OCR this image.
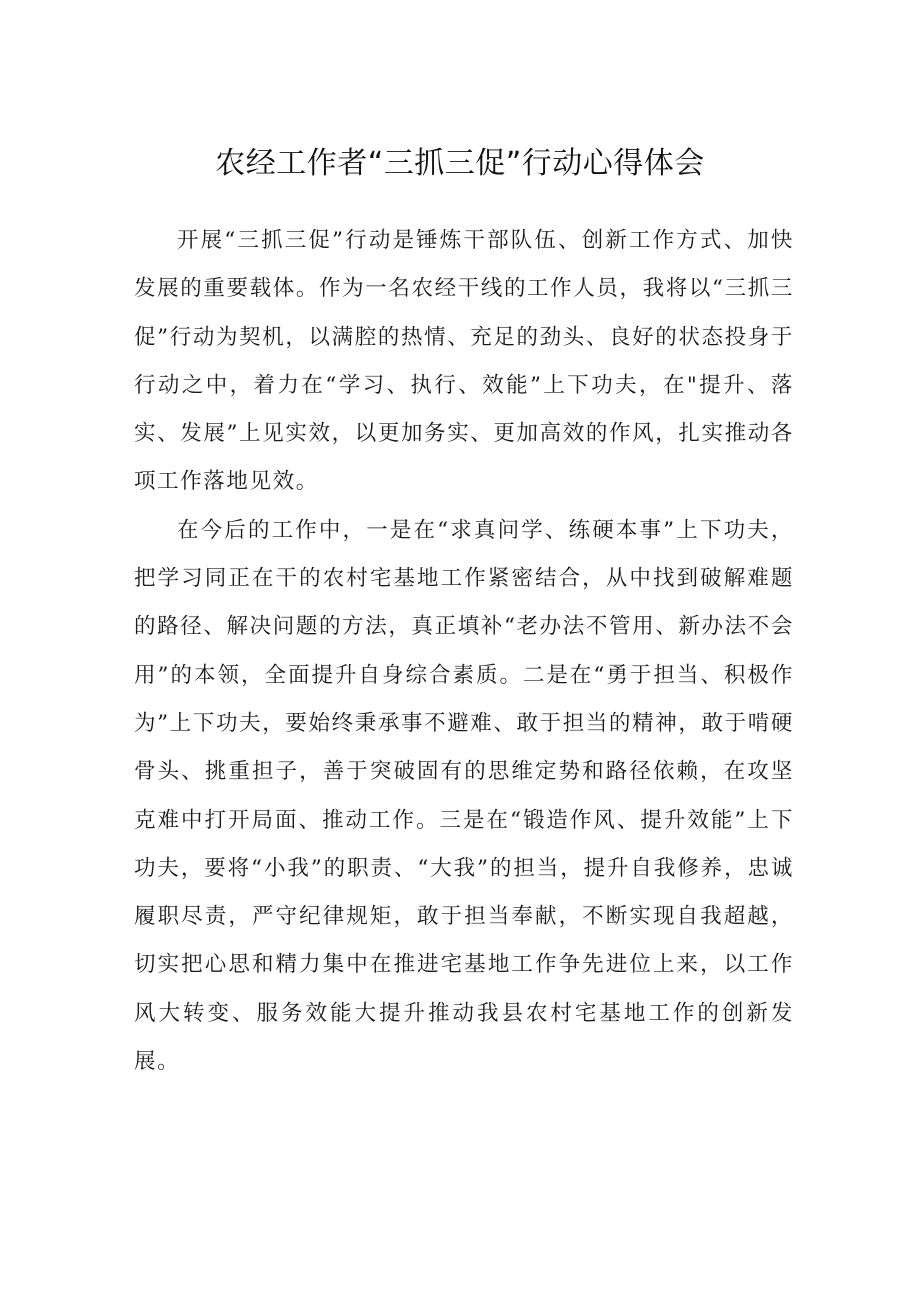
农经工作者“三抓三促”行动心得体会

开展“三抓三促”行动是锤炼干部队伍、创新工作方式、加快发展的重要载体。作为一名农经干线的工作人员，我将以“三抓三促”行动为契机，以满腔的热情、充足的劲头、良好的状态投身于行动之中，着力在“学习、执行、效能”上下功夫，在"提升、落实、发展”上见实效，以更加务实、更加高效的作风，扎实推动各项工作落地见效。

在今后的工作中，一是在“求真问学、练硬本事”上下功夫，把学习同正在干的农村宅基地工作紧密结合，从中找到破解难题的路径、解决问题的方法，真正填补“老办法不管用、新办法不会用”的本领，全面提升自身综合素质。二是在“勇于担当、积极作为”上下功夫，要始终秉承事不避难、敢于担当的精神，敢于啃硬骨头、挑重担子，善于突破固有的思维定势和路径依赖，在攻坚克难中打开局面、推动工作。三是在“锻造作风、提升效能”上下功夫，要将“小我”的职责、“大我”的担当，提升自我修养，忠诚履职尽责，严守纪律规矩，敢于担当奉献，不断实现自我超越，切实把心思和精力集中在推进宅基地工作争先进位上来，以工作风大转变、服务效能大提升推动我县农村宅基地工作的创新发展。
